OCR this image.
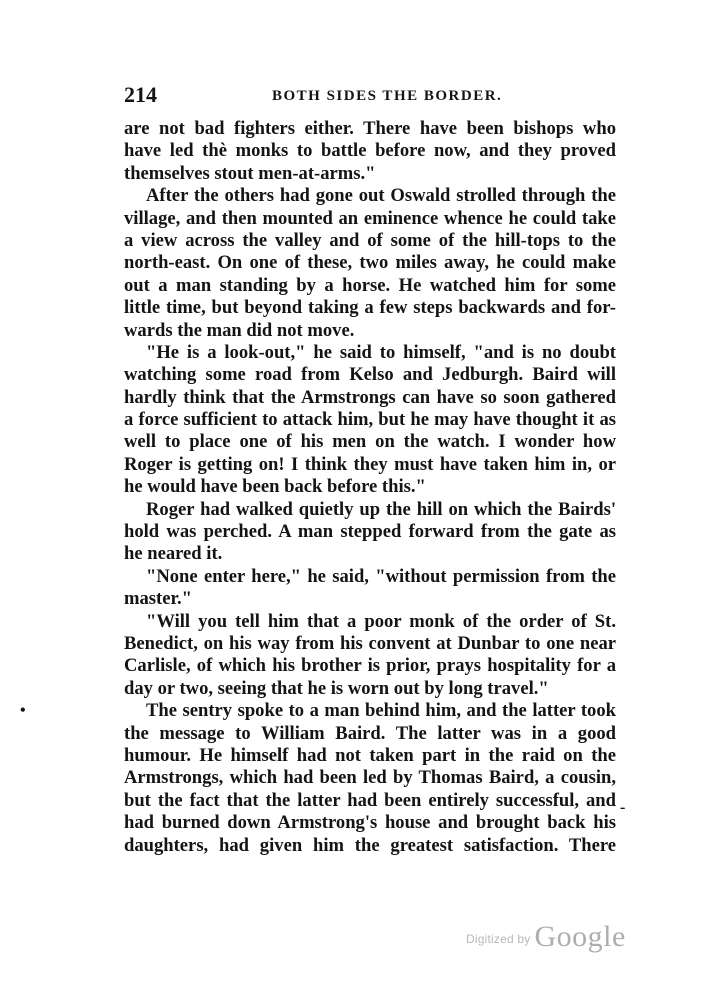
214	BOTH SIDES THE BORDER.
are not bad fighters either. There have been bishops who
have led thè monks to battle before now, and they proved
themselves stout men-at-arms."
After the others had gone out Oswald strolled through the
village, and then mounted an eminence whence he could take
a view across the valley and of some of the hill-tops to the
north-east. On one of these, two miles away, he could make
out a man standing by a horse. He watched him for some
little time, but beyond taking a few steps backwards and for-
wards the man did not move.
"He is a look-out," he said to himself, "and is no doubt
watching some road from Kelso and Jedburgh. Baird will
hardly think that the Armstrongs can have so soon gathered
a force sufficient to attack him, but he may have thought it as
well to place one of his men on the watch. I wonder how
Roger is getting on! I think they must have taken him in, or
he would have been back before this."
Roger had walked quietly up the hill on which the Bairds'
hold was perched. A man stepped forward from the gate as
he neared it.
"None enter here," he said, "without permission from the
master."
"Will you tell him that a poor monk of the order of St.
Benedict, on his way from his convent at Dunbar to one near
Carlisle, of which his brother is prior, prays hospitality for a
day or two, seeing that he is worn out by long travel."
The sentry spoke to a man behind him, and the latter took
the message to William Baird. The latter was in a good
humour. He himself had not taken part in the raid on the
Armstrongs, which had been led by Thomas Baird, a cousin,
but the fact that the latter had been entirely successful, and
had burned down Armstrong's house and brought back his
daughters, had given him the greatest satisfaction. There
•
-
Digitized by Google
